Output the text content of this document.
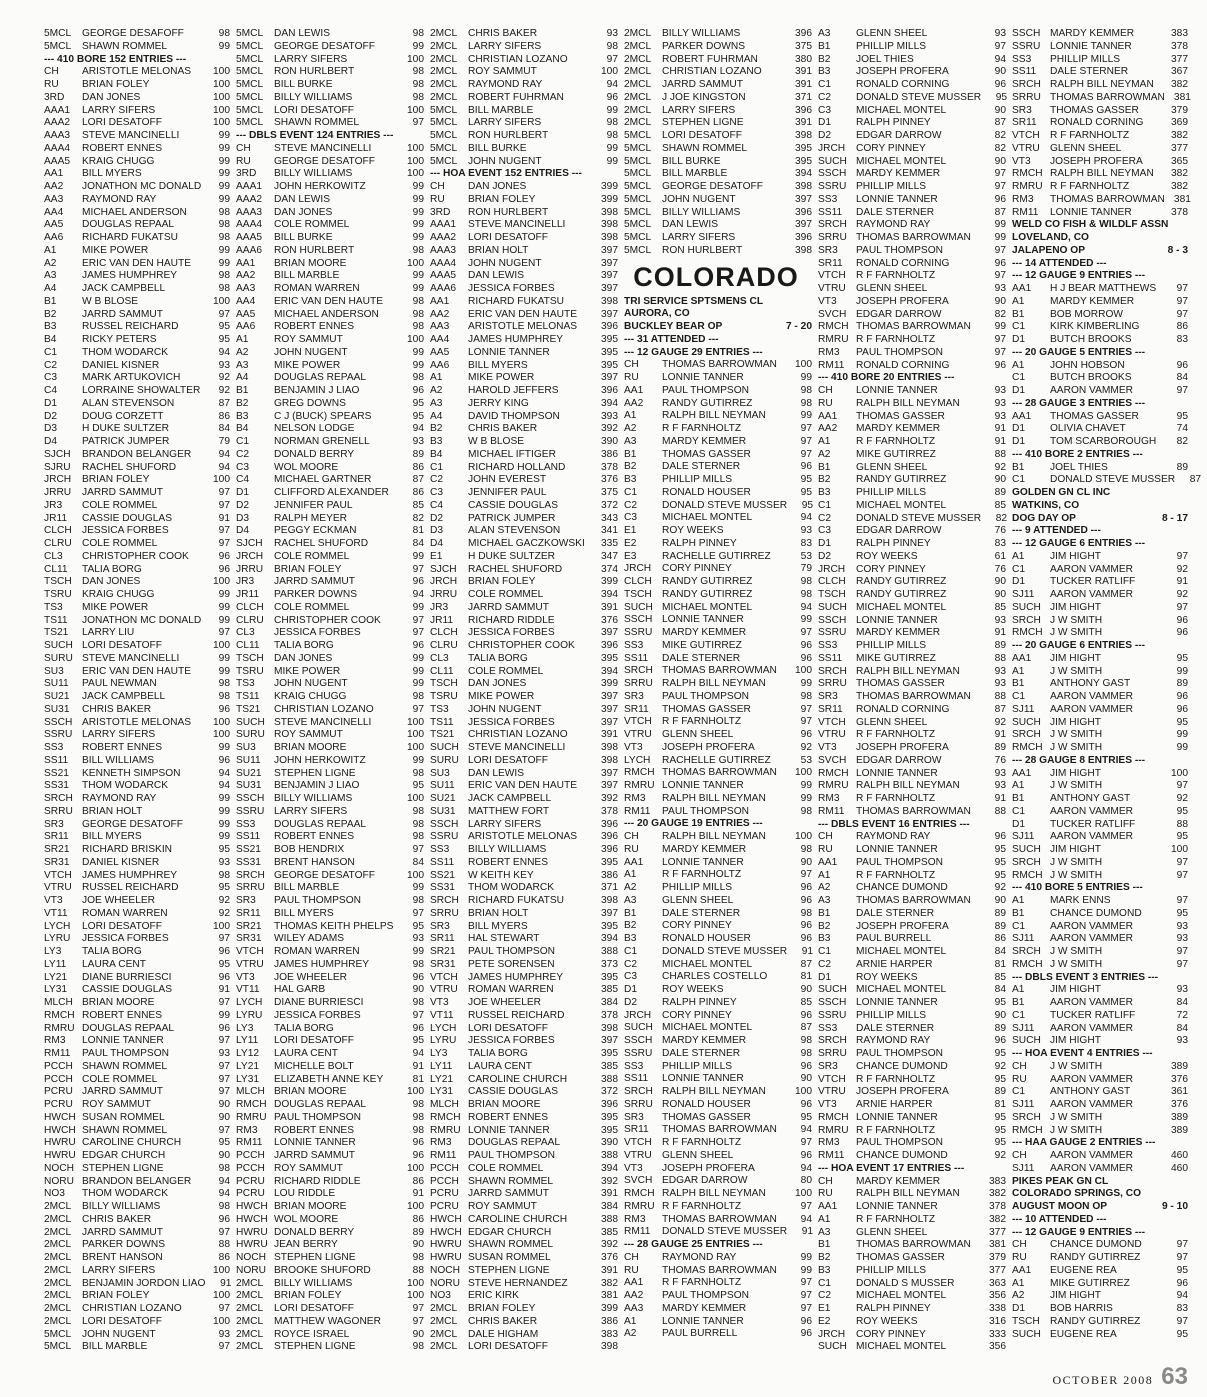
5MCL	GEORGE DESAFOFF	98
5MCL	SHAWN ROMMEL	99
--- 410 BORE 152 ENTRIES ---
CH	ARISTOTLE MELONAS	100
RU	BRIAN FOLEY	100
3RD	DAN JONES	100
AAA1	LARRY SIFERS	100
AAA2	LORI DESATOFF	100
AAA3	STEVE MANCINELLI	99
AAA4	ROBERT ENNES	99
AAA5	KRAIG CHUGG	99
AA1	BILL MYERS	99
AA2	JONATHON MC DONALD	99
AA3	RAYMOND RAY	99
AA4	MICHAEL ANDERSON	98
AA5	DOUGLAS REPAAL	98
AA6	RICHARD FUKATSU	98
A1	MIKE POWER	99
A2	ERIC VAN DEN HAUTE	99
A3	JAMES HUMPHREY	98
A4	JACK CAMPBELL	98
B1	W B BLOSE	100
B2	JARRD SAMMUT	97
B3	RUSSEL REICHARD	95
B4	RICKY PETERS	95
C1	THOM WODARCK	94
C2	DANIEL KISNER	93
C3	MARK ARTUKOVICH	92
C4	LORRAINE SHOWALTER	92
D1	ALAN STEVENSON	87
D2	DOUG CORZETT	86
D3	H DUKE SULTZER	84
D4	PATRICK JUMPER	79
SJCH	BRANDON BELANGER	94
SJRU	RACHEL SHUFORD	94
JRCH	BRIAN FOLEY	100
JRRU	JARRD SAMMUT	97
JR3	COLE ROMMEL	97
JR11	CASSIE DOUGLAS	91
CLCH	JESSICA FORBES	97
CLRU	COLE ROMMEL	97
CL3	CHRISTOPHER COOK	96
CL11	TALIA BORG	96
TSCH	DAN JONES	100
TSRU	KRAIG CHUGG	99
TS3	MIKE POWER	99
TS11	JONATHON MC DONALD	99
TS21	LARRY LIU	97
SUCH LORI DESATOFF	100
SURU STEVE MANCINELLI	99
SU3	ERIC VAN DEN HAUTE	99
SU11	PAUL NEWMAN	98
SU21	JACK CAMPBELL	98
SU31	CHRIS BAKER	96
SSCH ARISTOTLE MELONAS	100
SSRU LARRY SIFERS	100
SS3	ROBERT ENNES	99
SS11	BILL WILLIAMS	96
SS21	KENNETH SIMPSON	94
SS31	THOM WODARCK	94
SRCH RAYMOND RAY	99
SRRU BRIAN HOLT	99
SR3	GEORGE DESATOFF	99
SR11	BILL MYERS	99
SR21	RICHARD BRISKIN	95
SR31	DANIEL KISNER	93
VTCH	JAMES HUMPHREY	98
VTRU	RUSSEL REICHARD	95
VT3	JOE WHEELER	92
VT11	ROMAN WARREN	92
LYCH	LORI DESATOFF	100
LYRU	JESSICA FORBES	97
LY3	TALIA BORG	96
LY11	LAURA CENT	95
LY21	DIANE BURRIESCI	96
LY31	CASSIE DOUGLAS	91
MLCH BRIAN MOORE	97
RMCH ROBERT ENNES	99
RMRU DOUGLAS REPAAL	96
RM3	LONNIE TANNER	97
RM11	PAUL THOMPSON	93
PCCH SHAWN ROMMEL	97
PCCH COLE ROMMEL	97
PCRU JARRD SAMMUT	97
PCRU ROY SAMMUT	90
HWCH SUSAN ROMMEL	90
HWCH SHAWN ROMMEL	97
HWRU CAROLINE CHURCH	95
HWRU EDGAR CHURCH	90
NOCH STEPHEN LIGNE	98
NORU BRANDON BELANGER	94
NO3	THOM WODARCK	94
2MCL	BILLY WILLIAMS	98
2MCL	CHRIS BAKER	96
2MCL	JARRD SAMMUT	97
2MCL	PARKER DOWNS	88
2MCL	BRENT HANSON	86
2MCL	LARRY SIFERS	100
2MCL	BENJAMIN JORDON LIAO	91
2MCL	BRIAN FOLEY	100
2MCL	CHRISTIAN LOZANO	97
2MCL	LORI DESATOFF	100
5MCL	JOHN NUGENT	93
5MCL	BILL MARBLE	97
5MCL	DAN LEWIS	98
5MCL	GEORGE DESATOFF	99
5MCL	LARRY SIFERS	100
5MCL	RON HURLBERT	98
5MCL	BILL BURKE	98
5MCL	BILLY WILLIAMS	98
5MCL	LORI DESATOFF	100
5MCL	SHAWN ROMMEL	97
--- DBLS EVENT 124 ENTRIES ---
CH	STEVE MANCINELLI	100
RU	GEORGE DESATOFF	100
3RD	BILLY WILLIAMS	100
AAA1	JOHN HERKOWITZ	99
AAA2	DAN LEWIS	99
AAA3	DAN JONES	99
AAA4	COLE ROMMEL	99
AAA5	BILL BURKE	99
AAA6	RON HURLBERT	98
AA1	BRIAN MOORE	100
AA2	BILL MARBLE	99
AA3	ROMAN WARREN	99
AA4	ERIC VAN DEN HAUTE	98
AA5	MICHAEL ANDERSON	98
AA6	ROBERT ENNES	98
A1	ROY SAMMUT	100
A2	JOHN NUGENT	99
A3	MIKE POWER	99
A4	DOUGLAS REPAAL	98
B1	BENJAMIN J LIAO	96
B2	GREG DOWNS	95
B3	C J (BUCK) SPEARS	95
B4	NELSON LODGE	94
C1	NORMAN GRENELL	93
C2	DONALD BERRY	89
C3	WOL MOORE	86
C4	MICHAEL GARTNER	87
D1	CLIFFORD ALEXANDER	86
D2	JENNIFER PAUL	85
D3	RALPH MEYER	82
D4	PEGGY ECKMAN	81
SJCH	RACHEL SHUFORD	84
JRCH	COLE ROMMEL	99
JRRU	BRIAN FOLEY	97
JR3	JARRD SAMMUT	96
JR11	PARKER DOWNS	94
CLCH	COLE ROMMEL	99
CLRU	CHRISTOPHER COOK	97
CL3	JESSICA FORBES	97
CL11	TALIA BORG	96
TSCH	DAN JONES	99
TSRU	MIKE POWER	99
TS3	JOHN NUGENT	99
TS11	KRAIG CHUGG	98
TS21	CHRISTIAN LOZANO	97
SUCH STEVE MANCINELLI	100
SURU ROY SAMMUT	100
SU3	BRIAN MOORE	100
SU11	JOHN HERKOWITZ	99
SU21	STEPHEN LIGNE	98
SU31	BENJAMIN J LIAO	95
SSCH BILLY WILLIAMS	100
SSRU LARRY SIFERS	98
SS3	DOUGLAS REPAAL	98
SS11	ROBERT ENNES	98
SS21	BOB HENDRIX	97
SS31	BRENT HANSON	84
SRCH GEORGE DESATOFF	100
SRRU BILL MARBLE	99
SR3	PAUL THOMPSON	98
SR11	BILL MYERS	97
SR21	THOMAS KEITH PHELPS	95
SR31	WILEY ADAMS	93
VTCH	ROMAN WARREN	99
VTRU	JAMES HUMPHREY	98
VT3	JOE WHEELER	96
VT11	HAL GARB	90
LYCH	DIANE BURRIESCI	98
LYRU	JESSICA FORBES	97
LY3	TALIA BORG	96
LY11	LORI DESATOFF	95
LY12	LAURA CENT	94
LY21	MICHELLE BOLT	91
LY31	ELIZABETH ANNE KEY	81
MLCH BRIAN MOORE	100
RMCH DOUGLAS REPAAL	98
RMRU PAUL THOMPSON	98
RM3	ROBERT ENNES	98
RM11	LONNIE TANNER	96
PCCH JARRD SAMMUT	96
PCCH ROY SAMMUT	100
PCRU RICHARD RIDDLE	86
PCRU LOU RIDDLE	91
HWCH BRIAN MOORE	100
HWCH WOL MOORE	86
HWRU DONALD BERRY	89
HWRU JEAN BERRY	90
NOCH STEPHEN LIGNE	98
NORU BROOKE SHUFORD	88
2MCL	BILLY WILLIAMS	100
2MCL	BRIAN FOLEY	100
2MCL	LORI DESATOFF	97
2MCL	MATTHEW WAGONER	97
2MCL	ROYCE ISRAEL	90
2MCL	STEPHEN LIGNE	98
2MCL	CHRIS BAKER	93
2MCL	LARRY SIFERS	98
2MCL	CHRISTIAN LOZANO	97
2MCL	ROY SAMMUT	100
2MCL	RAYMOND RAY	94
2MCL	ROBERT FUHRMAN	96
5MCL	BILL MARBLE	99
5MCL	LARRY SIFERS	98
5MCL	RON HURLBERT	98
5MCL	BILL BURKE	99
5MCL	JOHN NUGENT	99
--- HOA EVENT 152 ENTRIES ---
CH	DAN JONES	399
RU	BRIAN FOLEY	399
3RD	RON HURLBERT	398
AAA1	STEVE MANCINELLI	398
AAA2	LORI DESATOFF	398
AAA3	BRIAN HOLT	397
AAA4	JOHN NUGENT	397
AAA5	DAN LEWIS	397
AAA6	JESSICA FORBES	397
AA1	RICHARD FUKATSU	398
AA2	ERIC VAN DEN HAUTE	397
AA3	ARISTOTLE MELONAS	396
AA4	JAMES HUMPHREY	395
AA5	LONNIE TANNER	395
AA6	BILL MYERS	395
A1	MIKE POWER	397
A2	HAROLD JEFFERS	396
A3	JERRY KING	394
A4	DAVID THOMPSON	393
B2	CHRIS BAKER	392
B3	W B BLOSE	390
B4	MICHAEL IFTIGER	386
C1	RICHARD HOLLAND	378
C2	JOHN EVEREST	376
C3	JENNIFER PAUL	375
C4	CASSIE DOUGLAS	372
D2	PATRICK JUMPER	343
D3	ALAN STEVENSON	341
D4	MICHAEL GACZKOWSKI	335
E1	H DUKE SULTZER	347
SJCH	RACHEL SHUFORD	374
JRCH	BRIAN FOLEY	399
JRRU	COLE ROMMEL	394
JR3	JARRD SAMMUT	391
JR11	RICHARD RIDDLE	376
CLCH	JESSICA FORBES	397
CLRU	CHRISTOPHER COOK	396
CL3	TALIA BORG	395
CL11	COLE ROMMEL	394
TSCH	DAN JONES	399
TSRU	MIKE POWER	397
TS3	JOHN NUGENT	397
TS11	JESSICA FORBES	397
TS21	CHRISTIAN LOZANO	391
SUCH STEVE MANCINELLI	398
SURU LORI DESATOFF	398
SU3	DAN LEWIS	397
SU11	ERIC VAN DEN HAUTE	397
SU21	JACK CAMPBELL	392
SU31	MATTHEW FORT	378
SSCH LARRY SIFERS	396
SSRU ARISTOTLE MELONAS	396
SS3	BILLY WILLIAMS	396
SS11	ROBERT ENNES	395
SS21	W KEITH KEY	386
SS31	THOM WODARCK	371
SRCH RICHARD FUKATSU	398
SRRU BRIAN HOLT	397
SR3	BILL MYERS	395
SR11	HAL STEWART	394
SR21	PAUL THOMPSON	388
SR31	PETE SORENSEN	373
VTCH	JAMES HUMPHREY	395
VTRU	ROMAN WARREN	385
VT3	JOE WHEELER	384
VT11	RUSSEL REICHARD	378
LYCH	LORI DESATOFF	398
LYRU	JESSICA FORBES	397
LY3	TALIA BORG	395
LY11	LAURA CENT	385
LY21	CAROLINE CHURCH	388
LY31	CASSIE DOUGLAS	372
MLCH BRIAN MOORE	396
RMCH ROBERT ENNES	395
RMRU LONNIE TANNER	395
RM3	DOUGLAS REPAAL	390
RM11	PAUL THOMPSON	388
PCCH COLE ROMMEL	394
PCCH SHAWN ROMMEL	392
PCRU JARRD SAMMUT	391
PCRU ROY SAMMUT	384
HWCH CAROLINE CHURCH	388
HWCH EDGAR CHURCH	385
HWRU SHAWN ROMMEL	392
HWRU SUSAN ROMMEL	376
NOCH STEPHEN LIGNE	391
NORU STEVE HERNANDEZ	382
NO3	ERIC KIRK	381
2MCL	BRIAN FOLEY	399
2MCL	CHRIS BAKER	386
2MCL	DALE HIGHAM	383
2MCL	LORI DESATOFF	398
2MCL	BILLY WILLIAMS	396
2MCL	PARKER DOWNS	375
2MCL	ROBERT FUHRMAN	380
2MCL	CHRISTIAN LOZANO	391
2MCL	JARRD SAMMUT	391
2MCL	J JOE KINGSTON	371
2MCL	LARRY SIFERS	396
2MCL	STEPHEN LIGNE	391
5MCL	LORI DESATOFF	398
5MCL	SHAWN ROMMEL	395
5MCL	BILL BURKE	395
5MCL	BILL MARBLE	394
5MCL	GEORGE DESATOFF	398
5MCL	JOHN NUGENT	397
5MCL	BILLY WILLIAMS	396
5MCL	DAN LEWIS	397
5MCL	LARRY SIFERS	396
5MCL	RON HURLBERT	398
COLORADO
TRI SERVICE SPTSMENS CL
AURORA, CO
BUCKLEY BEAR OP	7 - 20
--- 31 ATTENDED ---
--- 12 GAUGE 29 ENTRIES ---
CH	THOMAS BARROWMAN	100
RU	LONNIE TANNER	99
AA1	PAUL THOMPSON	98
AA2	RANDY GUTIRREZ	98
A1	RALPH BILL NEYMAN	99
A2	R F FARNHOLTZ	97
A3	MARDY KEMMER	97
B1	THOMAS GASSER	97
B2	DALE STERNER	96
B3	PHILLIP MILLS	95
C1	RONALD HOUSER	95
C2	DONALD STEVE MUSSER	95
C3	MICHAEL MONTEL	94
E1	ROY WEEKS	93
E2	RALPH PINNEY	83
E3	RACHELLE GUTIRREZ	53
JRCH	CORY PINNEY	79
CLCH	RANDY GUTIRREZ	98
TSCH	RANDY GUTIRREZ	98
SUCH MICHAEL MONTEL	94
SSCH LONNIE TANNER	99
SSRU MARDY KEMMER	97
SS3	MIKE GUTIRREZ	96
SS11	DALE STERNER	96
SRCH THOMAS BARROWMAN	100
SRRU RALPH BILL NEYMAN	99
SR3	PAUL THOMPSON	98
SR11	THOMAS GASSER	97
VTCH	R F FARNHOLTZ	97
VTRU	GLENN SHEEL	96
VT3	JOSEPH PROFERA	92
LYCH	RACHELLE GUTIRREZ	53
RMCH THOMAS BARROWMAN	100
RMRU LONNIE TANNER	99
RM3	RALPH BILL NEYMAN	99
RM11	PAUL THOMPSON	98
--- 20 GAUGE 19 ENTRIES ---
CH	RALPH BILL NEYMAN	100
RU	MARDY KEMMER	98
AA1	LONNIE TANNER	90
A1	R F FARNHOLTZ	97
A2	PHILLIP MILLS	96
A3	GLENN SHEEL	96
B1	DALE STERNER	98
B2	CORY PINNEY	96
B3	RONALD HOUSER	96
C1	DONALD STEVE MUSSER	91
C2	MICHAEL MONTEL	87
C3	CHARLES COSTELLO	81
D1	ROY WEEKS	90
D2	RALPH PINNEY	85
JRCH	CORY PINNEY	96
SUCH MICHAEL MONTEL	87
SSCH MARDY KEMMER	98
SSRU DALE STERNER	98
SS3	PHILLIP MILLS	96
SS11	LONNIE TANNER	90
SRCH RALPH BILL NEYMAN	100
SRRU RONALD HOUSER	96
SR3	THOMAS GASSER	95
SR11	THOMAS BARROWMAN	94
VTCH	R F FARNHOLTZ	97
VTRU	GLENN SHEEL	96
VT3	JOSEPH PROFERA	94
SVCH EDGAR DARROW	80
RMCH RALPH BILL NEYMAN	100
RMRU R F FARNHOLTZ	97
RM3	THOMAS BARROWMAN	94
RM11	DONALD STEVE MUSSER	91
--- 28 GAUGE 25 ENTRIES ---
CH	RAYMOND RAY	99
RU	THOMAS BARROWMAN	99
AA1	R F FARNHOLTZ	97
AA2	PAUL THOMPSON	97
AA3	MARDY KEMMER	97
A1	LONNIE TANNER	96
A2	PAUL BURRELL	96
A3	GLENN SHEEL	93
B1	PHILLIP MILLS	97
B2	JOEL THIES	94
B3	JOSEPH PROFERA	90
C1	RONALD CORNING	96
C2	DONALD STEVE MUSSER	95
C3	MICHAEL MONTEL	90
D1	RALPH PINNEY	87
D2	EDGAR DARROW	82
JRCH	CORY PINNEY	82
SUCH MICHAEL MONTEL	90
SSCH MARDY KEMMER	97
SSRU PHILLIP MILLS	97
SS3	LONNIE TANNER	96
SS11	DALE STERNER	87
SRCH RAYMOND RAY	99
SRRU THOMAS BARROWMAN	99
SR3	PAUL THOMPSON	97
SR11	RONALD CORNING	96
VTCH	R F FARNHOLTZ	97
VTRU	GLENN SHEEL	93
VT3	JOSEPH PROFERA	90
SVCH EDGAR DARROW	82
RMCH THOMAS BARROWMAN	99
RMRU R F FARNHOLTZ	97
RM3	PAUL THOMPSON	97
RM11	RONALD CORNING	96
--- 410 BORE 20 ENTRIES ---
CH	LONNIE TANNER	93
RU	RALPH BILL NEYMAN	93
AA1	THOMAS GASSER	93
AA2	MARDY KEMMER	91
A1	R F FARNHOLTZ	91
A2	MIKE GUTIRREZ	88
B1	GLENN SHEEL	92
B2	RANDY GUTIRREZ	90
B3	PHILLIP MILLS	89
C1	MICHAEL MONTEL	85
C2	DONALD STEVE MUSSER	82
C3	EDGAR DARROW	76
D1	RALPH PINNEY	83
D2	ROY WEEKS	61
JRCH	CORY PINNEY	76
CLCH	RANDY GUTIRREZ	90
TSCH	RANDY GUTIRREZ	90
SUCH MICHAEL MONTEL	85
SSCH LONNIE TANNER	93
SSRU MARDY KEMMER	91
SS3	PHILLIP MILLS	89
SS11	MIKE GUTIRREZ	88
SRCH RALPH BILL NEYMAN	93
SRRU THOMAS GASSER	93
SR3	THOMAS BARROWMAN	88
SR11	RONALD CORNING	87
VTCH	GLENN SHEEL	92
VTRU	R F FARNHOLTZ	91
VT3	JOSEPH PROFERA	89
SVCH EDGAR DARROW	76
RMCH LONNIE TANNER	93
RMRU RALPH BILL NEYMAN	93
RM3	R F FARNHOLTZ	91
RM11	THOMAS BARROWMAN	88
--- DBLS EVENT 16 ENTRIES ---
CH	RAYMOND RAY	96
RU	LONNIE TANNER	95
AA1	PAUL THOMPSON	95
A1	R F FARNHOLTZ	95
A2	CHANCE DUMOND	92
A3	THOMAS BARROWMAN	90
B1	DALE STERNER	89
B2	JOSEPH PROFERA	89
B3	PAUL BURRELL	86
C1	MICHAEL MONTEL	84
C2	ARNIE HARPER	81
D1	ROY WEEKS	85
SUCH MICHAEL MONTEL	84
SSCH LONNIE TANNER	95
SSRU PHILLIP MILLS	90
SS3	DALE STERNER	89
SRCH RAYMOND RAY	96
SRRU PAUL THOMPSON	95
SR3	CHANCE DUMOND	92
VTCH	R F FARNHOLTZ	95
VTRU	JOSEPH PROFERA	89
VT3	ARNIE HARPER	81
RMCH LONNIE TANNER	95
RMRU R F FARNHOLTZ	95
RM3	PAUL THOMPSON	95
RM11	CHANCE DUMOND	92
--- HOA EVENT 17 ENTRIES ---
CH	MARDY KEMMER	383
RU	RALPH BILL NEYMAN	382
AA1	LONNIE TANNER	378
A1	R F FARNHOLTZ	382
A3	GLENN SHEEL	377
B1	THOMAS BARROWMAN	381
B2	THOMAS GASSER	379
B3	PHILLIP MILLS	377
C1	DONALD S MUSSER	363
C2	MICHAEL MONTEL	356
E1	RALPH PINNEY	338
E2	ROY WEEKS	316
JRCH	CORY PINNEY	333
SUCH MICHAEL MONTEL	356
SSCH MARDY KEMMER	383
SSRU LONNIE TANNER	378
SS3	PHILLIP MILLS	377
SS11	DALE STERNER	367
SRCH RALPH BILL NEYMAN	382
SRRU THOMAS BARROWMAN 381
SR3	THOMAS GASSER	379
SR11	RONALD CORNING	369
VTCH	R F FARNHOLTZ	382
VTRU	GLENN SHEEL	377
VT3	JOSEPH PROFERA	365
RMCH RALPH BILL NEYMAN	382
RMRU R F FARNHOLTZ	382
RM3	THOMAS BARROWMAN 381
RM11	LONNIE TANNER	378
WELD CO FISH & WILDLF ASSN
LOVELAND, CO
JALAPENO OP	8 - 3
--- 14 ATTENDED ---
--- 12 GAUGE 9 ENTRIES ---
AA1	H J BEAR MATTHEWS	97
A1	MARDY KEMMER	97
B1	BOB MORROW	97
C1	KIRK KIMBERLING	86
D1	BUTCH BROOKS	83
--- 20 GAUGE 5 ENTRIES ---
A1	JOHN HOBSON	96
C1	BUTCH BROOKS	84
D1	AARON VAMMER	97
--- 28 GAUGE 3 ENTRIES ---
AA1	THOMAS GASSER	95
D1	OLIVIA CHAVET	74
D1	TOM SCARBOROUGH	82
--- 410 BORE 2 ENTRIES ---
B1	JOEL THIES	89
C1	DONALD STEVE MUSSER	87
GOLDEN GN CL INC
WATKINS, CO
DOG DAY OP	8 - 17
--- 9 ATTENDED ---
--- 12 GAUGE 6 ENTRIES ---
A1	JIM HIGHT	97
C1	AARON VAMMER	92
D1	TUCKER RATLIFF	91
SJ11	AARON VAMMER	92
SUCH JIM HIGHT	97
SRCH J W SMITH	96
RMCH J W SMITH	96
--- 20 GAUGE 6 ENTRIES ---
AA1	JIM HIGHT	95
A1	J W SMITH	99
B1	ANTHONY GAST	89
C1	AARON VAMMER	96
SJ11	AARON VAMMER	96
SUCH JIM HIGHT	95
SRCH J W SMITH	99
RMCH J W SMITH	99
--- 28 GAUGE 8 ENTRIES ---
AA1	JIM HIGHT	100
A1	J W SMITH	97
B1	ANTHONY GAST	92
C1	AARON VAMMER	95
D1	TUCKER RATLIFF	88
SJ11	AARON VAMMER	95
SUCH JIM HIGHT	100
SRCH J W SMITH	97
RMCH J W SMITH	97
--- 410 BORE 5 ENTRIES ---
A1	MARK ENNS	97
B1	CHANCE DUMOND	95
C1	AARON VAMMER	93
SJ11	AARON VAMMER	93
SRCH J W SMITH	97
RMCH J W SMITH	97
--- DBLS EVENT 3 ENTRIES ---
A1	JIM HIGHT	93
B1	AARON VAMMER	84
C1	TUCKER RATLIFF	72
SJ11	AARON VAMMER	84
SUCH JIM HIGHT	93
--- HOA EVENT 4 ENTRIES ---
CH	J W SMITH	389
RU	AARON VAMMER	376
C1	ANTHONY GAST	361
SJ11	AARON VAMMER	376
SRCH J W SMITH	389
RMCH J W SMITH	389
--- HAA GAUGE 2 ENTRIES ---
CH	AARON VAMMER	460
SJ11	AARON VAMMER	460
PIKES PEAK GN CL
COLORADO SPRINGS, CO
AUGUST MOON OP	9 - 10
--- 10 ATTENDED ---
--- 12 GAUGE 9 ENTRIES ---
CH	CHANCE DUMOND	97
RU	RANDY GUTIRREZ	97
AA1	EUGENE REA	95
A1	MIKE GUTIRREZ	96
A2	JIM HIGHT	94
D1	BOB HARRIS	83
TSCH	RANDY GUTIRREZ	97
SUCH EUGENE REA	95
OCTOBER 2008 63
